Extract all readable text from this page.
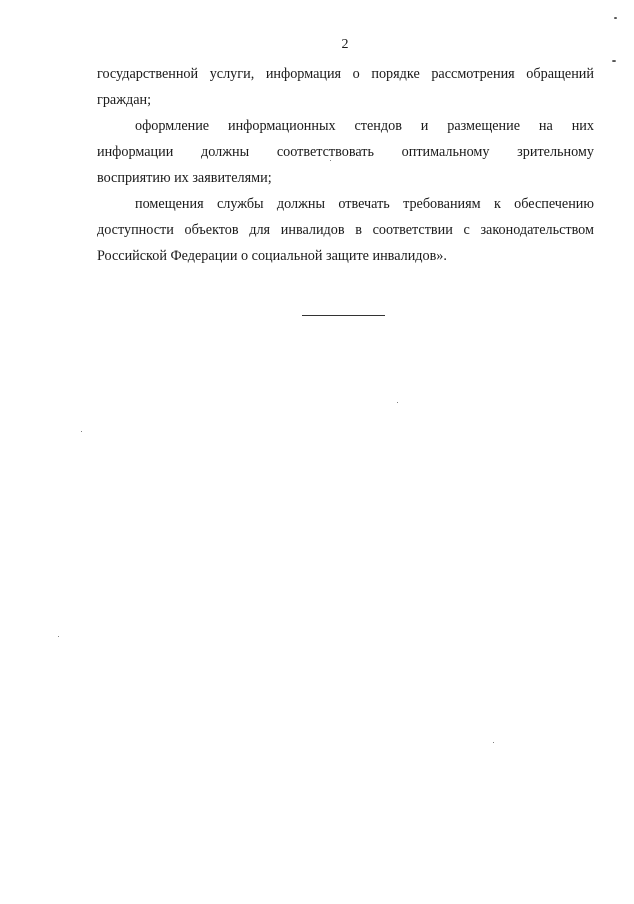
2
государственной услуги, информация о порядке рассмотрения обращений
граждан;
оформление информационных стендов и размещение на них
информации должны соответствовать оптимальному зрительному
восприятию их заявителями;
помещения службы должны отвечать требованиям к обеспечению
доступности объектов для инвалидов в соответствии с законодательством
Российской Федерации о социальной защите инвалидов».
